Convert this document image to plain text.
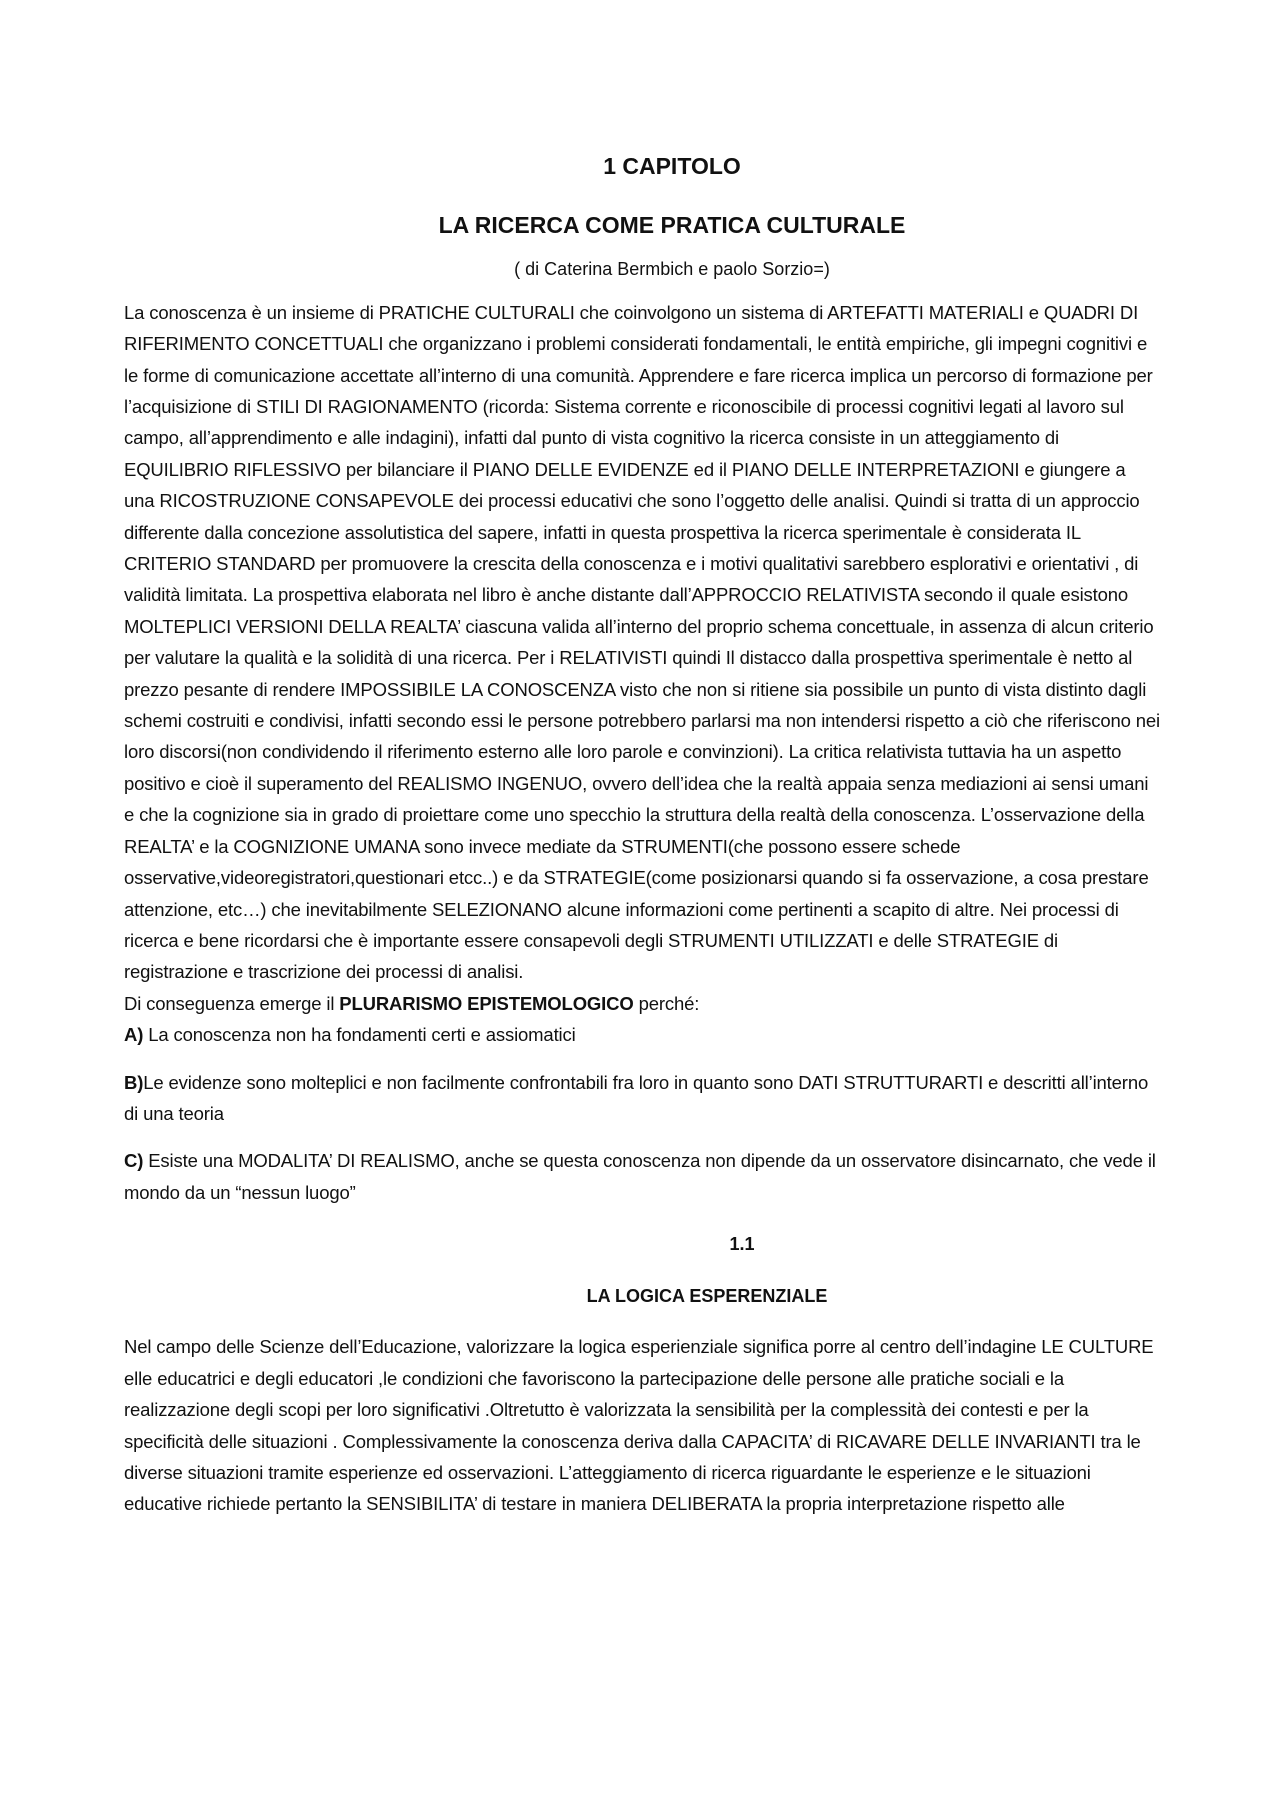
1 CAPITOLO
LA RICERCA COME PRATICA CULTURALE

( di Caterina Bermbich e paolo Sorzio=)

La conoscenza è un insieme di PRATICHE CULTURALI che coinvolgono un sistema di ARTEFATTI MATERIALI e QUADRI DI RIFERIMENTO CONCETTUALI che organizzano i problemi considerati fondamentali, le entità empiriche, gli impegni cognitivi e le forme di comunicazione accettate all’interno di una comunità. Apprendere e fare ricerca implica un percorso di formazione per l’acquisizione di STILI DI RAGIONAMENTO (ricorda: Sistema corrente e riconoscibile di processi cognitivi legati al lavoro sul campo, all’apprendimento e alle indagini), infatti dal punto di vista cognitivo la ricerca consiste in un atteggiamento di EQUILIBRIO RIFLESSIVO per bilanciare il PIANO DELLE EVIDENZE ed il PIANO DELLE INTERPRETAZIONI e giungere a una RICOSTRUZIONE CONSAPEVOLE dei processi educativi che sono l’oggetto delle analisi. Quindi si tratta di un approccio differente dalla concezione assolutistica del sapere, infatti in questa prospettiva la ricerca sperimentale è considerata IL CRITERIO STANDARD per promuovere la crescita della conoscenza e i motivi qualitativi sarebbero esplorativi e orientativi , di validità limitata. La prospettiva elaborata nel libro è anche distante dall’APPROCCIO RELATIVISTA secondo il quale esistono MOLTEPLICI VERSIONI DELLA REALTA’ ciascuna valida all’interno del proprio schema concettuale, in assenza di alcun criterio per valutare la qualità e la solidità di una ricerca. Per i RELATIVISTI quindi Il distacco dalla prospettiva sperimentale è netto al prezzo pesante di rendere IMPOSSIBILE LA CONOSCENZA visto che non si ritiene sia possibile un punto di vista distinto dagli schemi costruiti e condivisi, infatti secondo essi le persone potrebbero parlarsi ma non intendersi rispetto a ciò che riferiscono nei loro discorsi(non condividendo il riferimento esterno alle loro parole e convinzioni). La critica relativista tuttavia ha un aspetto positivo e cioè il superamento del REALISMO INGENUO, ovvero dell’idea che la realtà appaia senza mediazioni ai sensi umani e che la cognizione sia in grado di proiettare come uno specchio la struttura della realtà della conoscenza. L’osservazione della REALTA’ e la COGNIZIONE UMANA sono invece mediate da STRUMENTI(che possono essere schede osservative,videoregistratori,questionari etcc..) e da STRATEGIE(come posizionarsi quando si fa osservazione, a cosa prestare attenzione, etc…) che inevitabilmente SELEZIONANO alcune informazioni come pertinenti a scapito di altre. Nei processi di ricerca e bene ricordarsi che è importante essere consapevoli degli STRUMENTI UTILIZZATI e delle STRATEGIE di registrazione e trascrizione dei processi di analisi.

Di conseguenza emerge il PLURARISMO EPISTEMOLOGICO perché:

A) La conoscenza non ha fondamenti certi e assiomatici

B)Le evidenze sono molteplici e non facilmente confrontabili fra loro in quanto sono DATI STRUTTURARTI e descritti all’interno di una teoria

C) Esiste una MODALITA’ DI REALISMO, anche se questa conoscenza non dipende da un osservatore disincarnato, che vede il mondo da un “nessun luogo”

1.1
LA LOGICA ESPERENZIALE

Nel campo delle Scienze dell’Educazione, valorizzare la logica esperienziale significa porre al centro dell’indagine LE CULTURE elle educatrici e degli educatori ,le condizioni che favoriscono la partecipazione delle persone alle pratiche sociali e la realizzazione degli scopi per loro significativi .Oltretutto è valorizzata la sensibilità per la complessità dei contesti e per la specificità delle situazioni . Complessivamente la conoscenza deriva dalla CAPACITA’ di RICAVARE DELLE INVARIANTI tra le diverse situazioni tramite esperienze ed osservazioni. L’atteggiamento di ricerca riguardante le esperienze e le situazioni educative richiede pertanto la SENSIBILITA’ di testare in maniera DELIBERATA la propria interpretazione rispetto alle
